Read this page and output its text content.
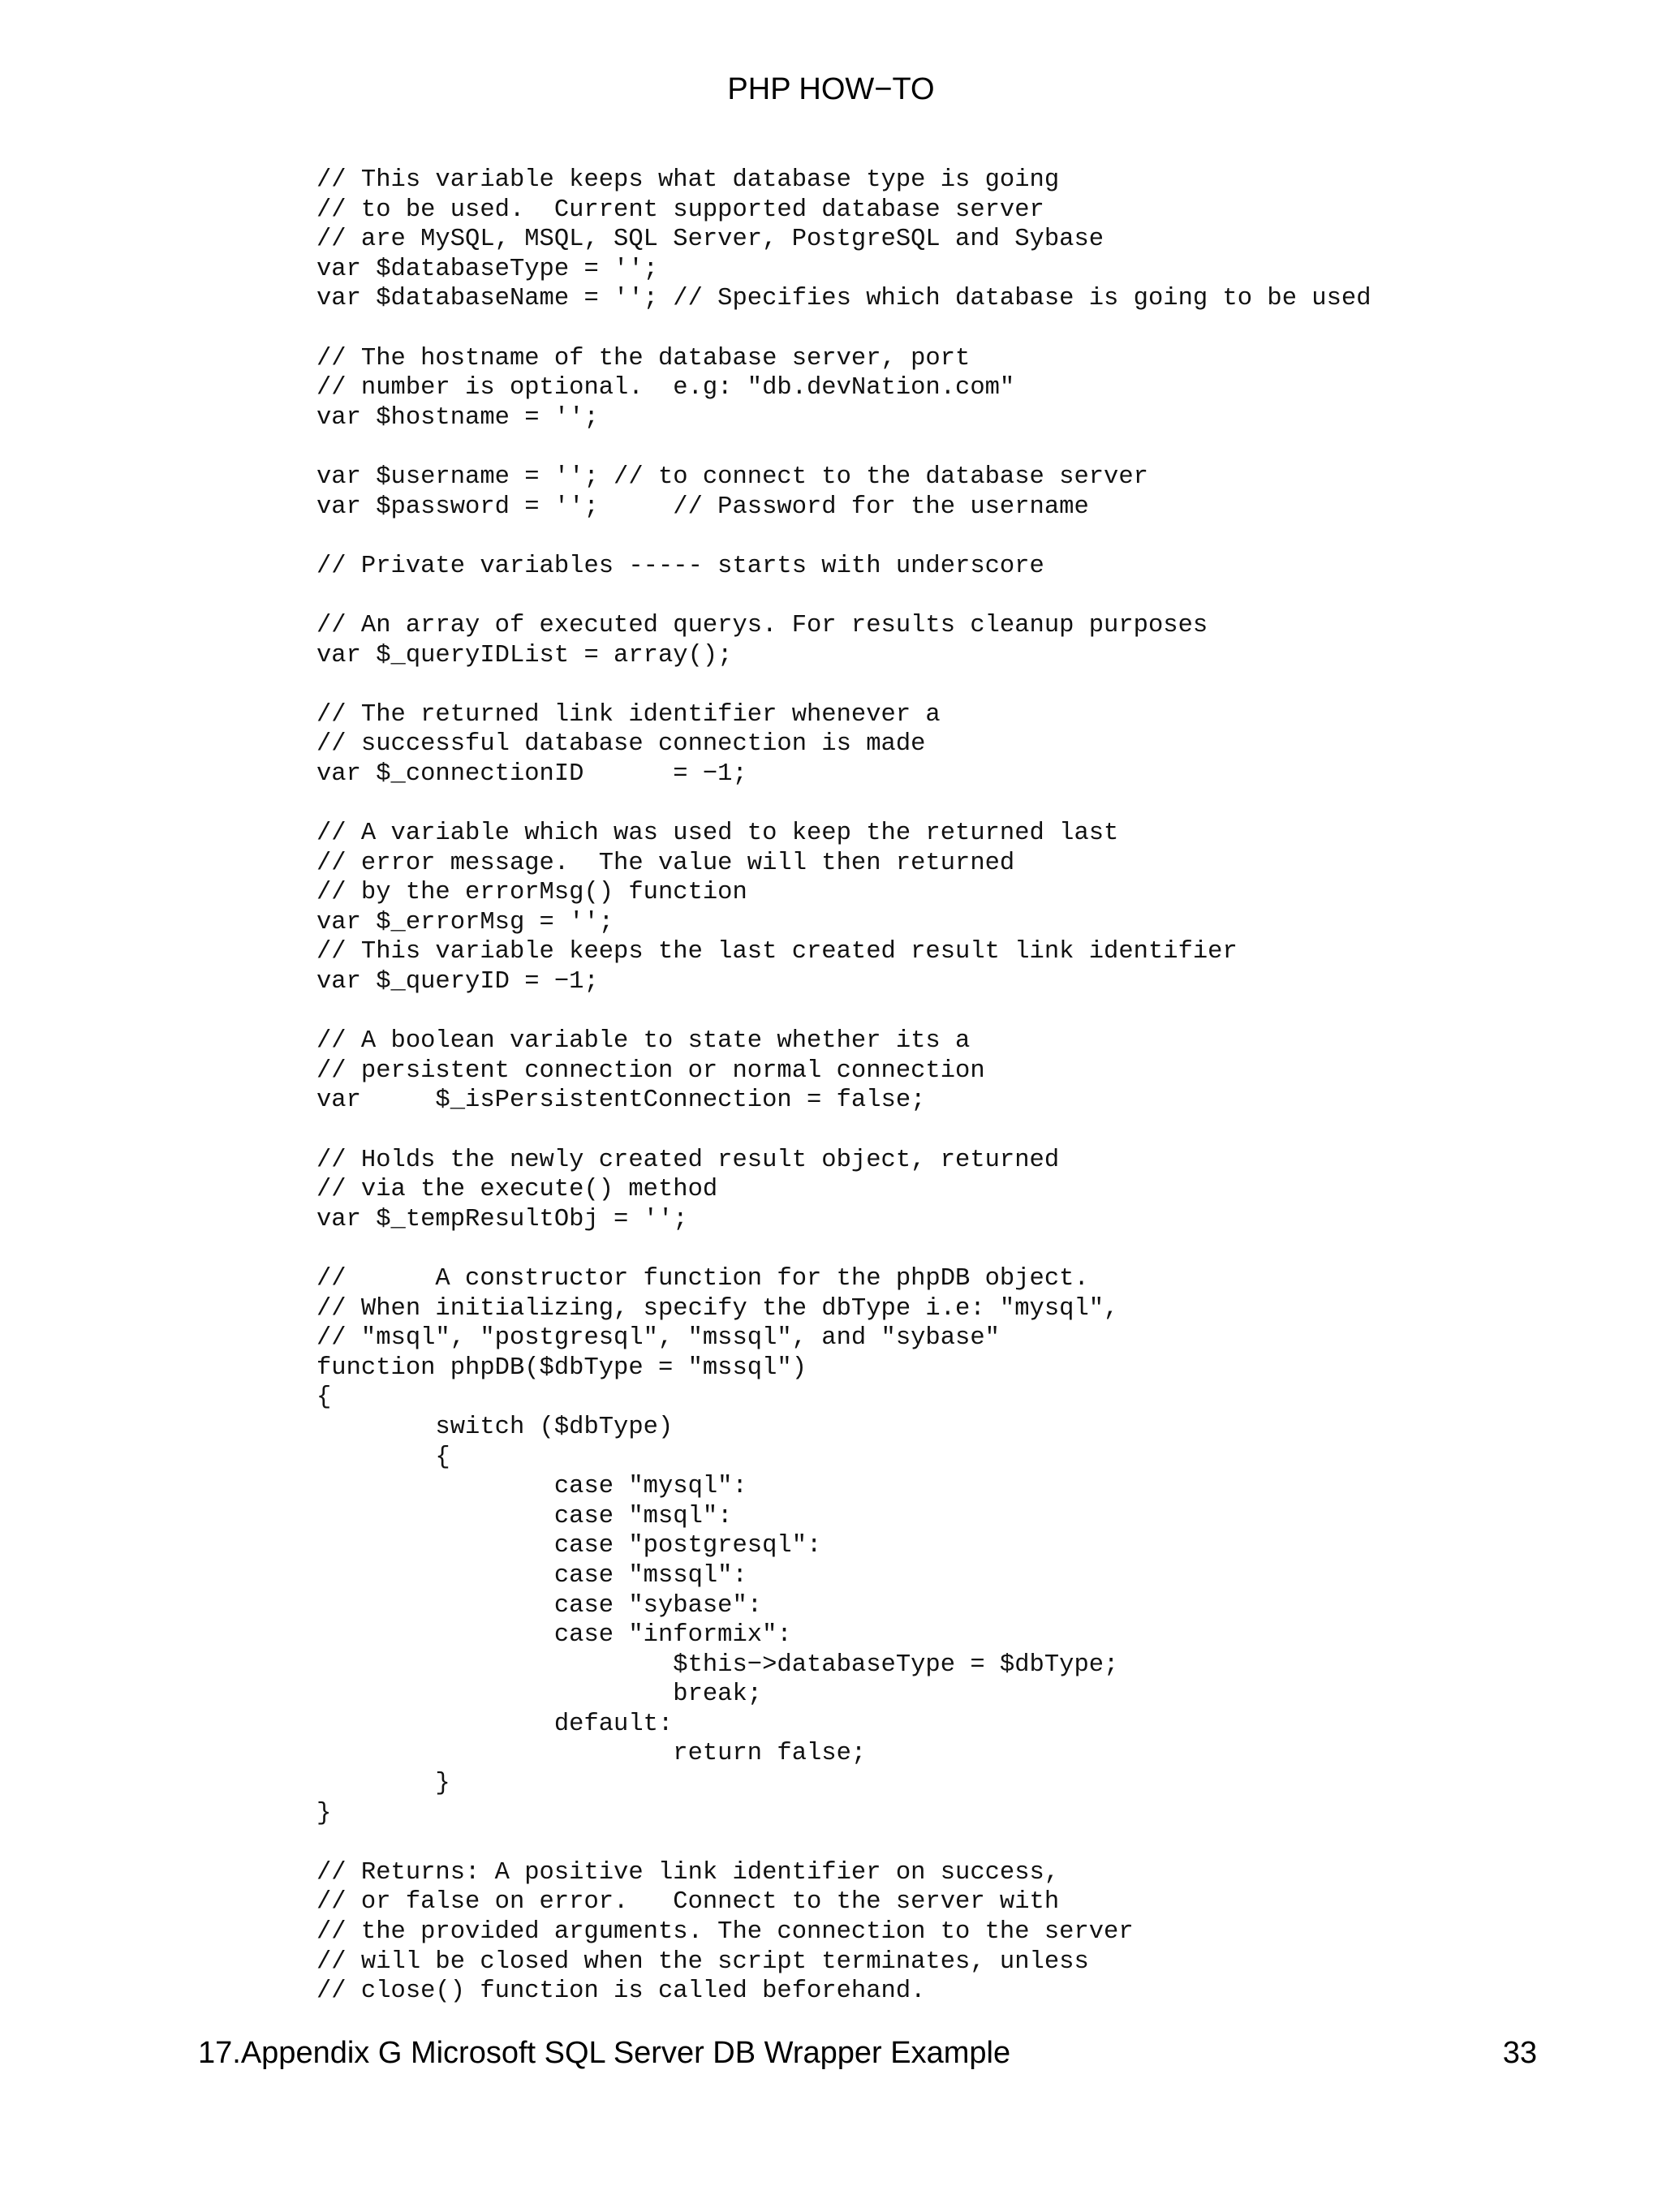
PHP HOW−TO
// This variable keeps what database type is going
// to be used.  Current supported database server
// are MySQL, MSQL, SQL Server, PostgreSQL and Sybase
var $databaseType = '';
var $databaseName = ''; // Specifies which database is going to be used
// The hostname of the database server, port
// number is optional.  e.g: "db.devNation.com"
var $hostname = '';
var $username = ''; // to connect to the database server
var $password = '';     // Password for the username
// Private variables ----- starts with underscore
// An array of executed querys. For results cleanup purposes
var $_queryIDList = array();
// The returned link identifier whenever a
// successful database connection is made
var $_connectionID      = −1;
// A variable which was used to keep the returned last
// error message.  The value will then returned
// by the errorMsg() function
var $_errorMsg = '';
// This variable keeps the last created result link identifier
var $_queryID = −1;
// A boolean variable to state whether its a
// persistent connection or normal connection
var     $_isPersistentConnection = false;
// Holds the newly created result object, returned
// via the execute() method
var $_tempResultObj = '';
//      A constructor function for the phpDB object.
// When initializing, specify the dbType i.e: "mysql",
// "msql", "postgresql", "mssql", and "sybase"
function phpDB($dbType = "mssql")
{
switch ($dbType)
{
case "mysql":
case "msql":
case "postgresql":
case "mssql":
case "sybase":
case "informix":
$this−>databaseType = $dbType;
break;
default:
return false;
}
}
// Returns: A positive link identifier on success,
// or false on error.   Connect to the server with
// the provided arguments. The connection to the server
// will be closed when the script terminates, unless
// close() function is called beforehand.
17.Appendix G Microsoft SQL Server DB Wrapper Example	33
